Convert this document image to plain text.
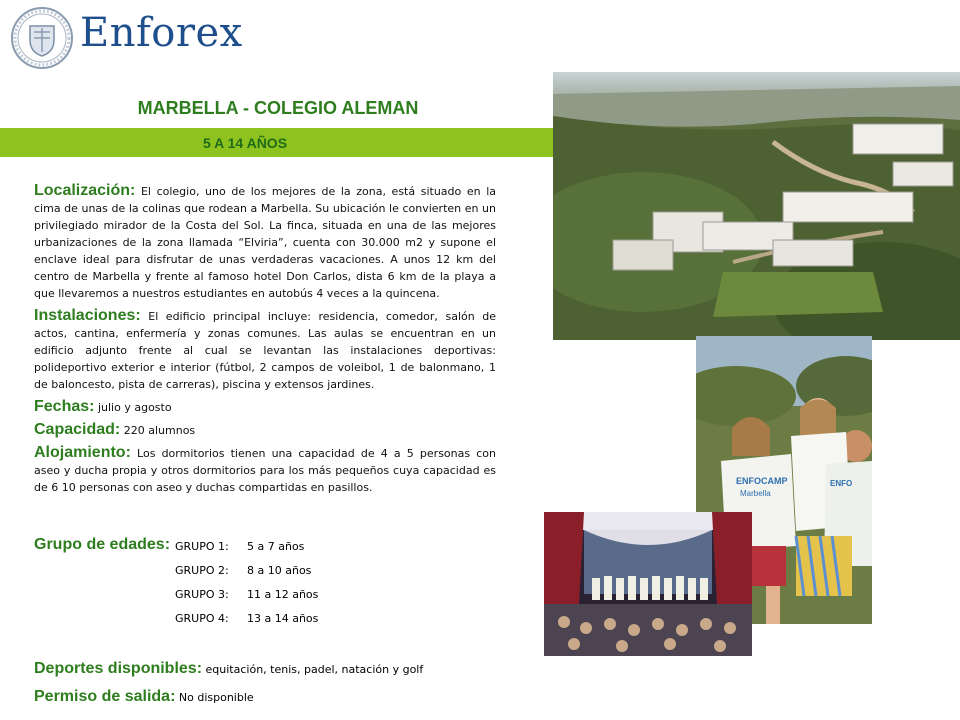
Enforex
MARBELLA - COLEGIO ALEMAN
5 A 14 AÑOS

Localización: El colegio, uno de los mejores de la zona, está situado en la cima de unas de la colinas que rodean a Marbella. Su ubicación le convierten en un privilegiado mirador de la Costa del Sol. La finca, situada en una de las mejores urbanizaciones de la zona llamada “Elviria”, cuenta con 30.000 m2 y supone el enclave ideal para disfrutar de unas verdaderas vacaciones. A unos 12 km del centro de Marbella y frente al famoso hotel Don Carlos, dista 6 km de la playa a que llevaremos a nuestros estudiantes en autobús 4 veces a la quincena.

Instalaciones: El edificio principal incluye: residencia, comedor, salón de actos, cantina, enfermería y zonas comunes. Las aulas se encuentran en un edificio adjunto frente al cual se levantan las instalaciones deportivas: polideportivo exterior e interior (fútbol, 2 campos de voleibol, 1 de balonmano, 1 de baloncesto, pista de carreras), piscina y extensos jardines.

Fechas: julio y agosto

Capacidad: 220 alumnos

Alojamiento: Los dormitorios tienen una capacidad de 4 a 5 personas con aseo y ducha propia y otros dormitorios para los más pequeños cuya capacidad es de 6 10 personas con aseo y duchas compartidas en pasillos.

Grupo de edades: GRUPO 1: 5 a 7 años
GRUPO 2: 8 a 10 años
GRUPO 3: 11 a 12 años
GRUPO 4: 13 a 14 años
Deportes disponibles: equitación, tenis, padel, natación y golf
Permiso de salida: No disponible
ENFOCAMP
Marbella
ENFO
